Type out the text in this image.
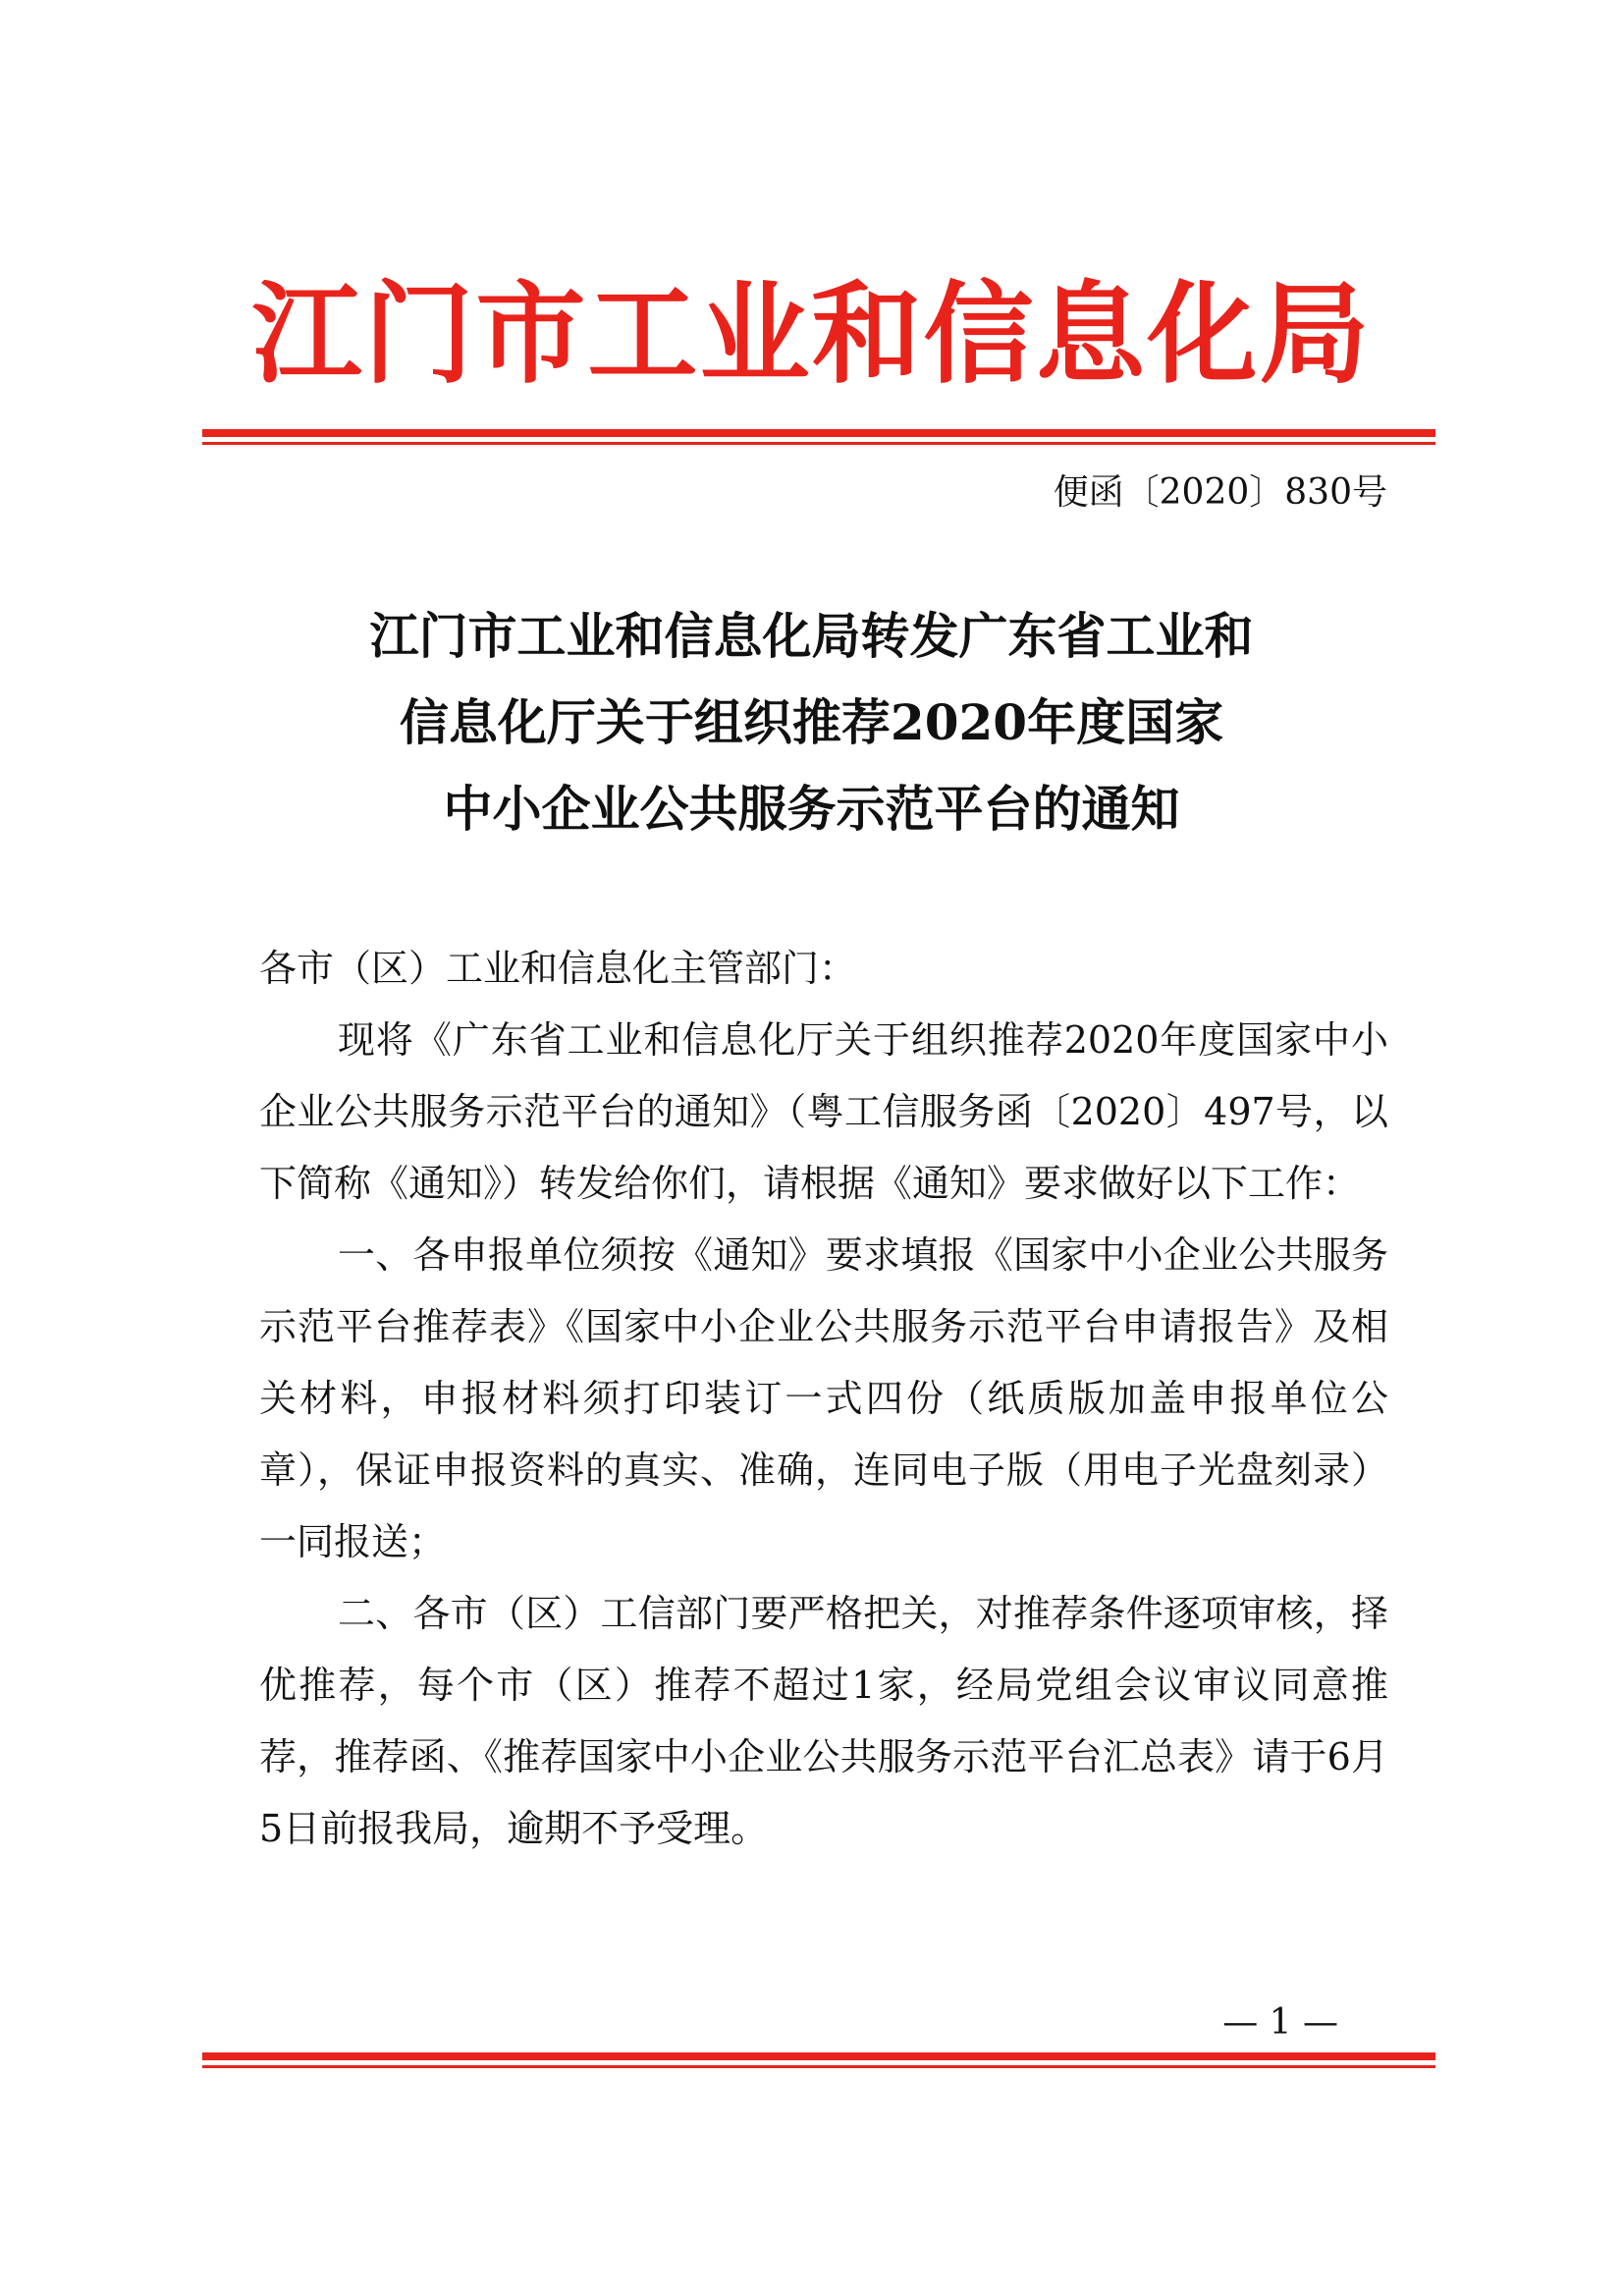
江门市工业和信息化局
便函〔2020〕830号
江门市工业和信息化局转发广东省工业和
信息化厅关于组织推荐2020年度国家
中小企业公共服务示范平台的通知

各市（区）工业和信息化主管部门：

现将《广东省工业和信息化厅关于组织推荐2020年度国家中小企业公共服务示范平台的通知》（粤工信服务函〔2020〕497号，以下简称《通知》）转发给你们，请根据《通知》要求做好以下工作：

一、各申报单位须按《通知》要求填报《国家中小企业公共服务示范平台推荐表》《国家中小企业公共服务示范平台申请报告》及相关材料，申报材料须打印装订一式四份（纸质版加盖申报单位公章），保证申报资料的真实、准确，连同电子版（用电子光盘刻录）一同报送；

二、各市（区）工信部门要严格把关，对推荐条件逐项审核，择优推荐，每个市（区）推荐不超过1家，经局党组会议审议同意推荐，推荐函、《推荐国家中小企业公共服务示范平台汇总表》请于6月5日前报我局，逾期不予受理。

— 1 —
